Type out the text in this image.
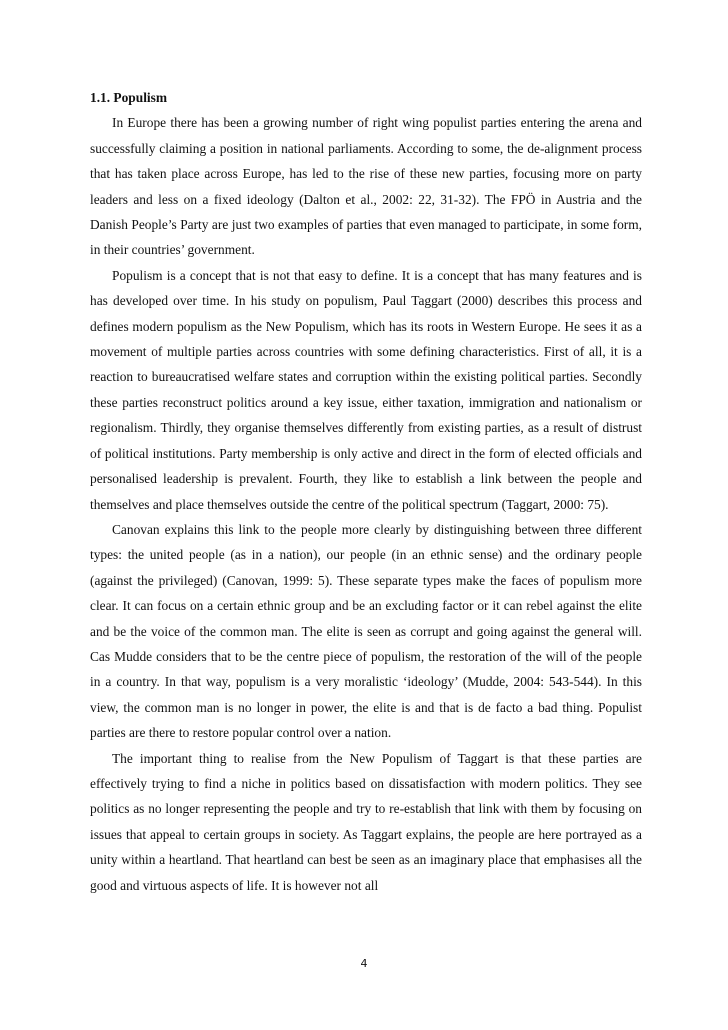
1.1. Populism

In Europe there has been a growing number of right wing populist parties entering the arena and successfully claiming a position in national parliaments. According to some, the de-alignment process that has taken place across Europe, has led to the rise of these new parties, focusing more on party leaders and less on a fixed ideology (Dalton et al., 2002: 22, 31-32). The FPÖ in Austria and the Danish People’s Party are just two examples of parties that even managed to participate, in some form, in their countries’ government.

Populism is a concept that is not that easy to define. It is a concept that has many features and is has developed over time. In his study on populism, Paul Taggart (2000) describes this process and defines modern populism as the New Populism, which has its roots in Western Europe. He sees it as a movement of multiple parties across countries with some defining characteristics. First of all, it is a reaction to bureaucratised welfare states and corruption within the existing political parties. Secondly these parties reconstruct politics around a key issue, either taxation, immigration and nationalism or regionalism. Thirdly, they organise themselves differently from existing parties, as a result of distrust of political institutions. Party membership is only active and direct in the form of elected officials and personalised leadership is prevalent. Fourth, they like to establish a link between the people and themselves and place themselves outside the centre of the political spectrum (Taggart, 2000: 75).

Canovan explains this link to the people more clearly by distinguishing between three different types: the united people (as in a nation), our people (in an ethnic sense) and the ordinary people (against the privileged) (Canovan, 1999: 5). These separate types make the faces of populism more clear. It can focus on a certain ethnic group and be an excluding factor or it can rebel against the elite and be the voice of the common man. The elite is seen as corrupt and going against the general will. Cas Mudde considers that to be the centre piece of populism, the restoration of the will of the people in a country. In that way, populism is a very moralistic ‘ideology’ (Mudde, 2004: 543-544). In this view, the common man is no longer in power, the elite is and that is de facto a bad thing. Populist parties are there to restore popular control over a nation.

The important thing to realise from the New Populism of Taggart is that these parties are effectively trying to find a niche in politics based on dissatisfaction with modern politics. They see politics as no longer representing the people and try to re-establish that link with them by focusing on issues that appeal to certain groups in society. As Taggart explains, the people are here portrayed as a unity within a heartland. That heartland can best be seen as an imaginary place that emphasises all the good and virtuous aspects of life. It is however not all

4
